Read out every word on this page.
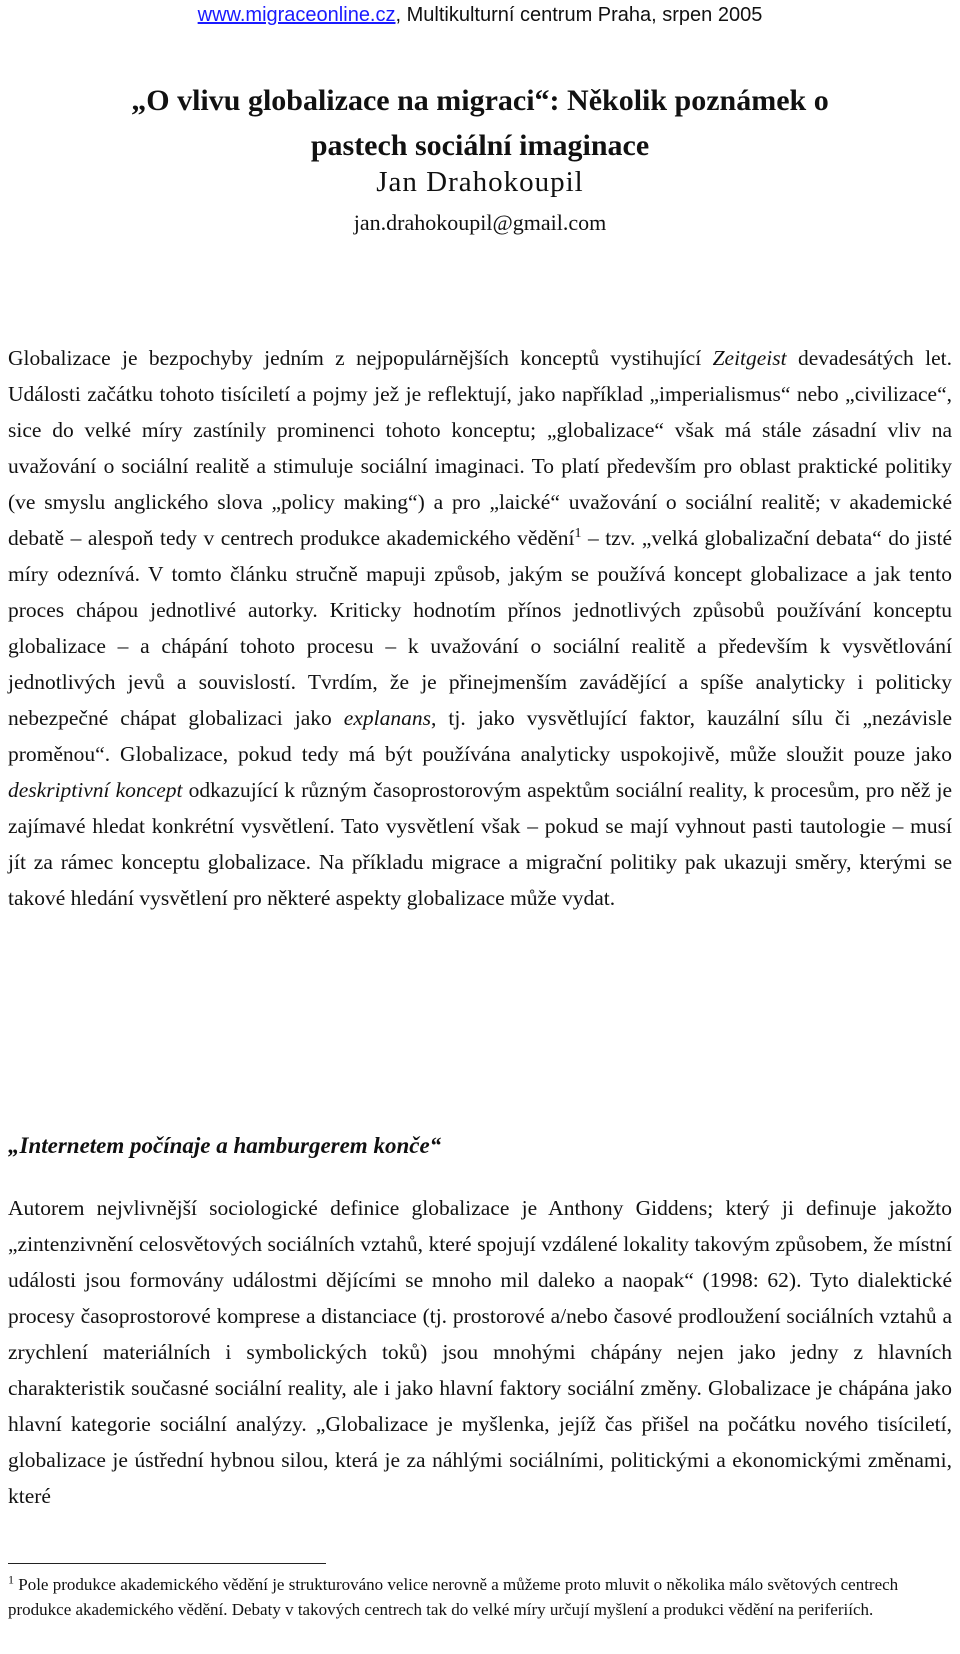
www.migraceonline.cz, Multikulturní centrum Praha, srpen 2005
„O vlivu globalizace na migraci“: Několik poznámek o
pastech sociální imaginace
Jan Drahokoupil
jan.drahokoupil@gmail.com

Globalizace je bezpochyby jedním z nejpopulárnějších konceptů vystihující Zeitgeist devadesátých let. Události začátku tohoto tisíciletí a pojmy jež je reflektují, jako například „imperialismus“ nebo „civilizace“, sice do velké míry zastínily prominenci tohoto konceptu; „globalizace“ však má stále zásadní vliv na uvažování o sociální realitě a stimuluje sociální imaginaci. To platí především pro oblast praktické politiky (ve smyslu anglického slova „policy making“) a pro „laické“ uvažování o sociální realitě; v akademické debatě – alespoň tedy v centrech produkce akademického vědění$^1$ – tzv. „velká globalizační debata“ do jisté míry odeznívá. V tomto článku stručně mapuji způsob, jakým se používá koncept globalizace a jak tento proces chápou jednotlivé autorky. Kriticky hodnotím přínos jednotlivých způsobů používání konceptu globalizace – a chápání tohoto procesu – k uvažování o sociální realitě a především k vysvětlování jednotlivých jevů a souvislostí. Tvrdím, že je přinejmenším zavádějící a spíše analyticky i politicky nebezpečné chápat globalizaci jako explanans, tj. jako vysvětlující faktor, kauzální sílu či „nezávisle proměnou“. Globalizace, pokud tedy má být používána analyticky uspokojivě, může sloužit pouze jako deskriptivní koncept odkazující k různým časoprostorovým aspektům sociální reality, k procesům, pro něž je zajímavé hledat konkrétní vysvětlení. Tato vysvětlení však – pokud se mají vyhnout pasti tautologie – musí jít za rámec konceptu globalizace. Na příkladu migrace a migrační politiky pak ukazuji směry, kterými se takové hledání vysvětlení pro některé aspekty globalizace může vydat.

„Internetem počínaje a hamburgerem konče“

Autorem nejvlivnější sociologické definice globalizace je Anthony Giddens; který ji definuje jakožto „zintenzivnění celosvětových sociálních vztahů, které spojují vzdálené lokality takovým způsobem, že místní události jsou formovány událostmi dějícími se mnoho mil daleko a naopak“ (1998: 62). Tyto dialektické procesy časoprostorové komprese a distanciace (tj. prostorové a/nebo časové prodloužení sociálních vztahů a zrychlení materiálních i symbolických toků) jsou mnohými chápány nejen jako jedny z hlavních charakteristik současné sociální reality, ale i jako hlavní faktory sociální změny. Globalizace je chápána jako hlavní kategorie sociální analýzy. „Globalizace je myšlenka, jejíž čas přišel na počátku nového tisíciletí, globalizace je ústřední hybnou silou, která je za náhlými sociálními, politickými a ekonomickými změnami, které

$^1$ Pole produkce akademického vědění je strukturováno velice nerovně a můžeme proto mluvit o několika málo světových centrech produkce akademického vědění. Debaty v takových centrech tak do velké míry určují myšlení a produkci vědění na periferiích.
